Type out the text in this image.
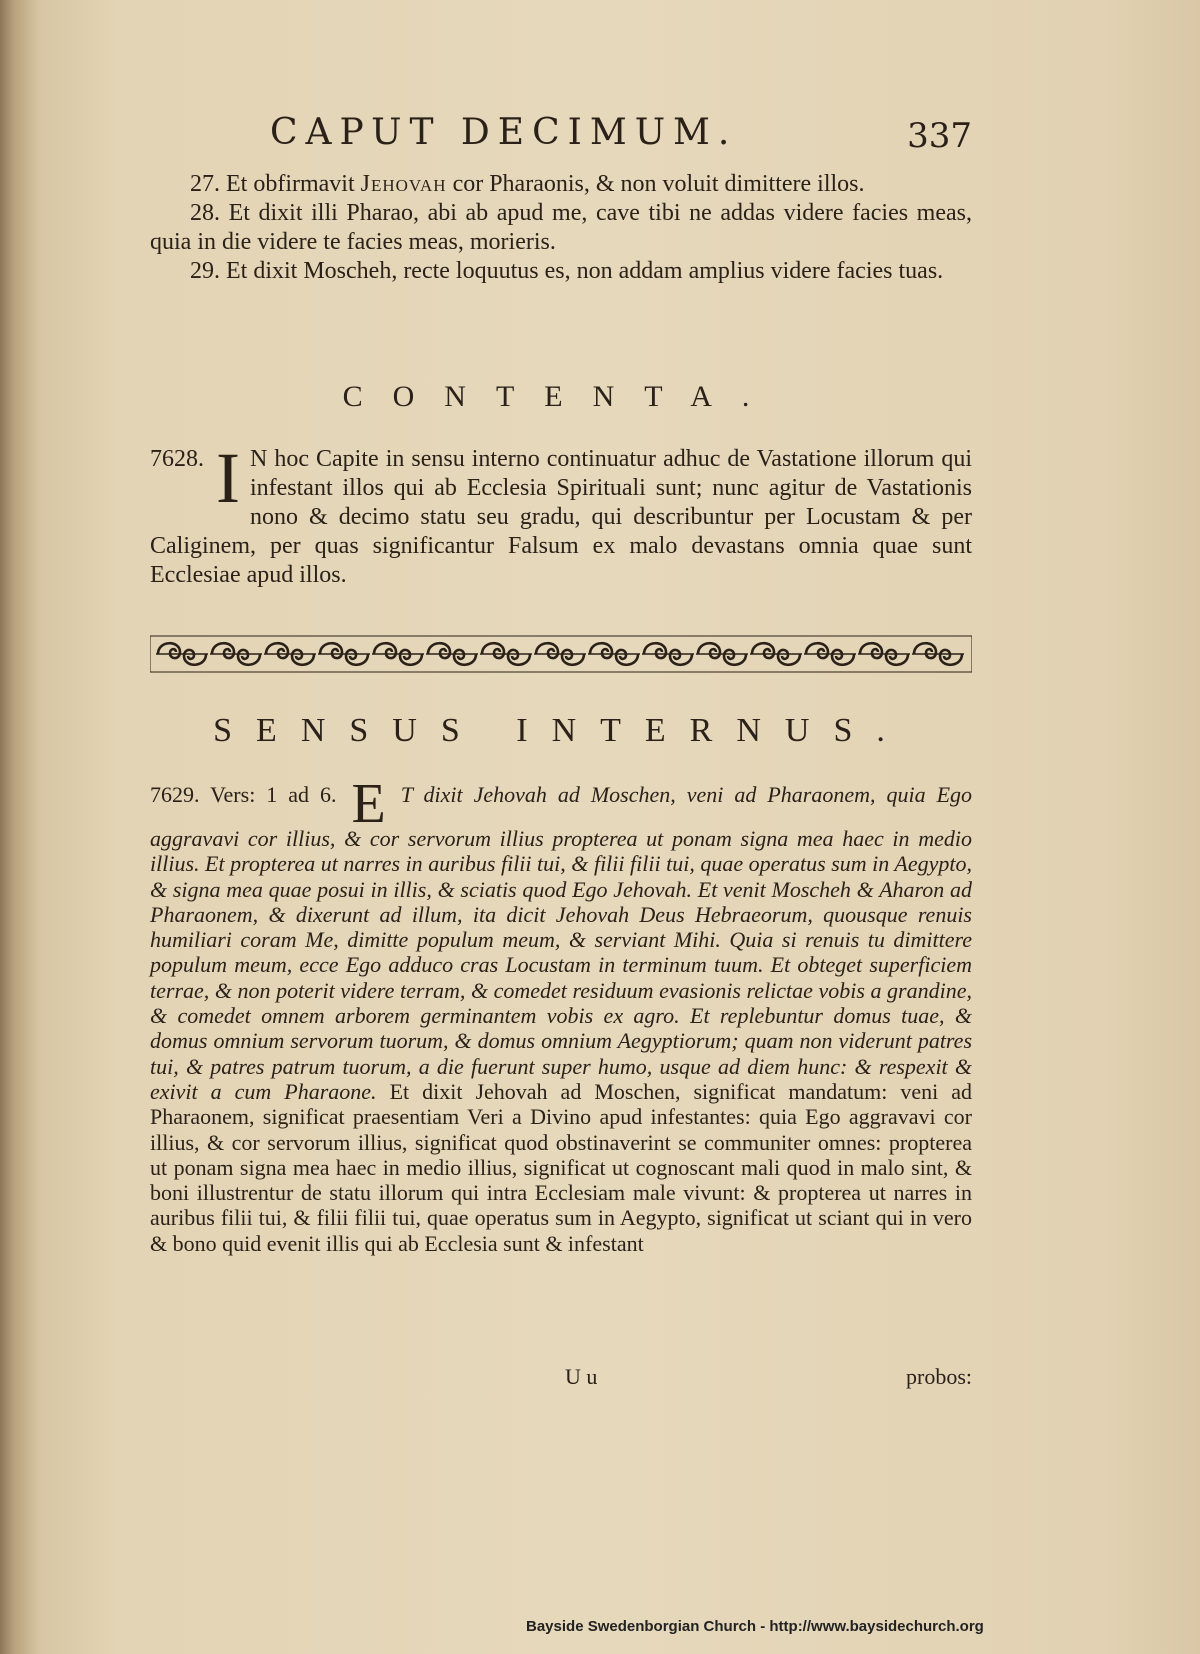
CAPUT DECIMUM.	337

27. Et obfirmavit Jehovah cor Pharaonis, & non voluit dimittere illos.

28. Et dixit illi Pharao, abi ab apud me, cave tibi ne addas videre facies meas, quia in die videre te facies meas, morieris.

29. Et dixit Moscheh, recte loquutus es, non addam amplius videre facies tuas.

CONTENTA.
7628. I N hoc Capite in sensu interno continuatur adhuc de Vastatione illorum qui infestant illos qui ab Ecclesia Spirituali sunt; nunc agitur de Vastationis nono & decimo statu seu gradu, qui describuntur per Locustam & per Caliginem, per quas significantur Falsum ex malo devastans omnia quae sunt Ecclesiae apud illos.
SENSUS INTERNUS.
7629. Vers: 1 ad 6. E T dixit Jehovah ad Moschen, veni ad Pharaonem, quia Ego aggravavi cor illius, & cor servorum illius propterea ut ponam signa mea haec in medio illius. Et propterea ut narres in auribus filii tui, & filii filii tui, quae operatus sum in Aegypto, & signa mea quae posui in illis, & sciatis quod Ego Jehovah. Et venit Moscheh & Aharon ad Pharaonem, & dixerunt ad illum, ita dicit Jehovah Deus Hebraeorum, quousque renuis humiliari coram Me, dimitte populum meum, & serviant Mihi. Quia si renuis tu dimittere populum meum, ecce Ego adduco cras Locustam in terminum tuum. Et obteget superficiem terrae, & non poterit videre terram, & comedet residuum evasionis relictae vobis a grandine, & comedet omnem arborem germinantem vobis ex agro. Et replebuntur domus tuae, & domus omnium servorum tuorum, & domus omnium Aegyptiorum; quam non viderunt patres tui, & patres patrum tuorum, a die fuerunt super humo, usque ad diem hunc: & respexit & exivit a cum Pharaone. Et dixit Jehovah ad Moschen, significat mandatum: veni ad Pharaonem, significat praesentiam Veri a Divino apud infestantes: quia Ego aggravavi cor illius, & cor servorum illius, significat quod obstinaverint se communiter omnes: propterea ut ponam signa mea haec in medio illius, significat ut cognoscant mali quod in malo sint, & boni illustrentur de statu illorum qui intra Ecclesiam male vivunt: & propterea ut narres in auribus filii tui, & filii filii tui, quae operatus sum in Aegypto, significat ut sciant qui in vero & bono quid evenit illis qui ab Ecclesia sunt & infestant
U u	probos:
Bayside Swedenborgian Church - http://www.baysidechurch.org
